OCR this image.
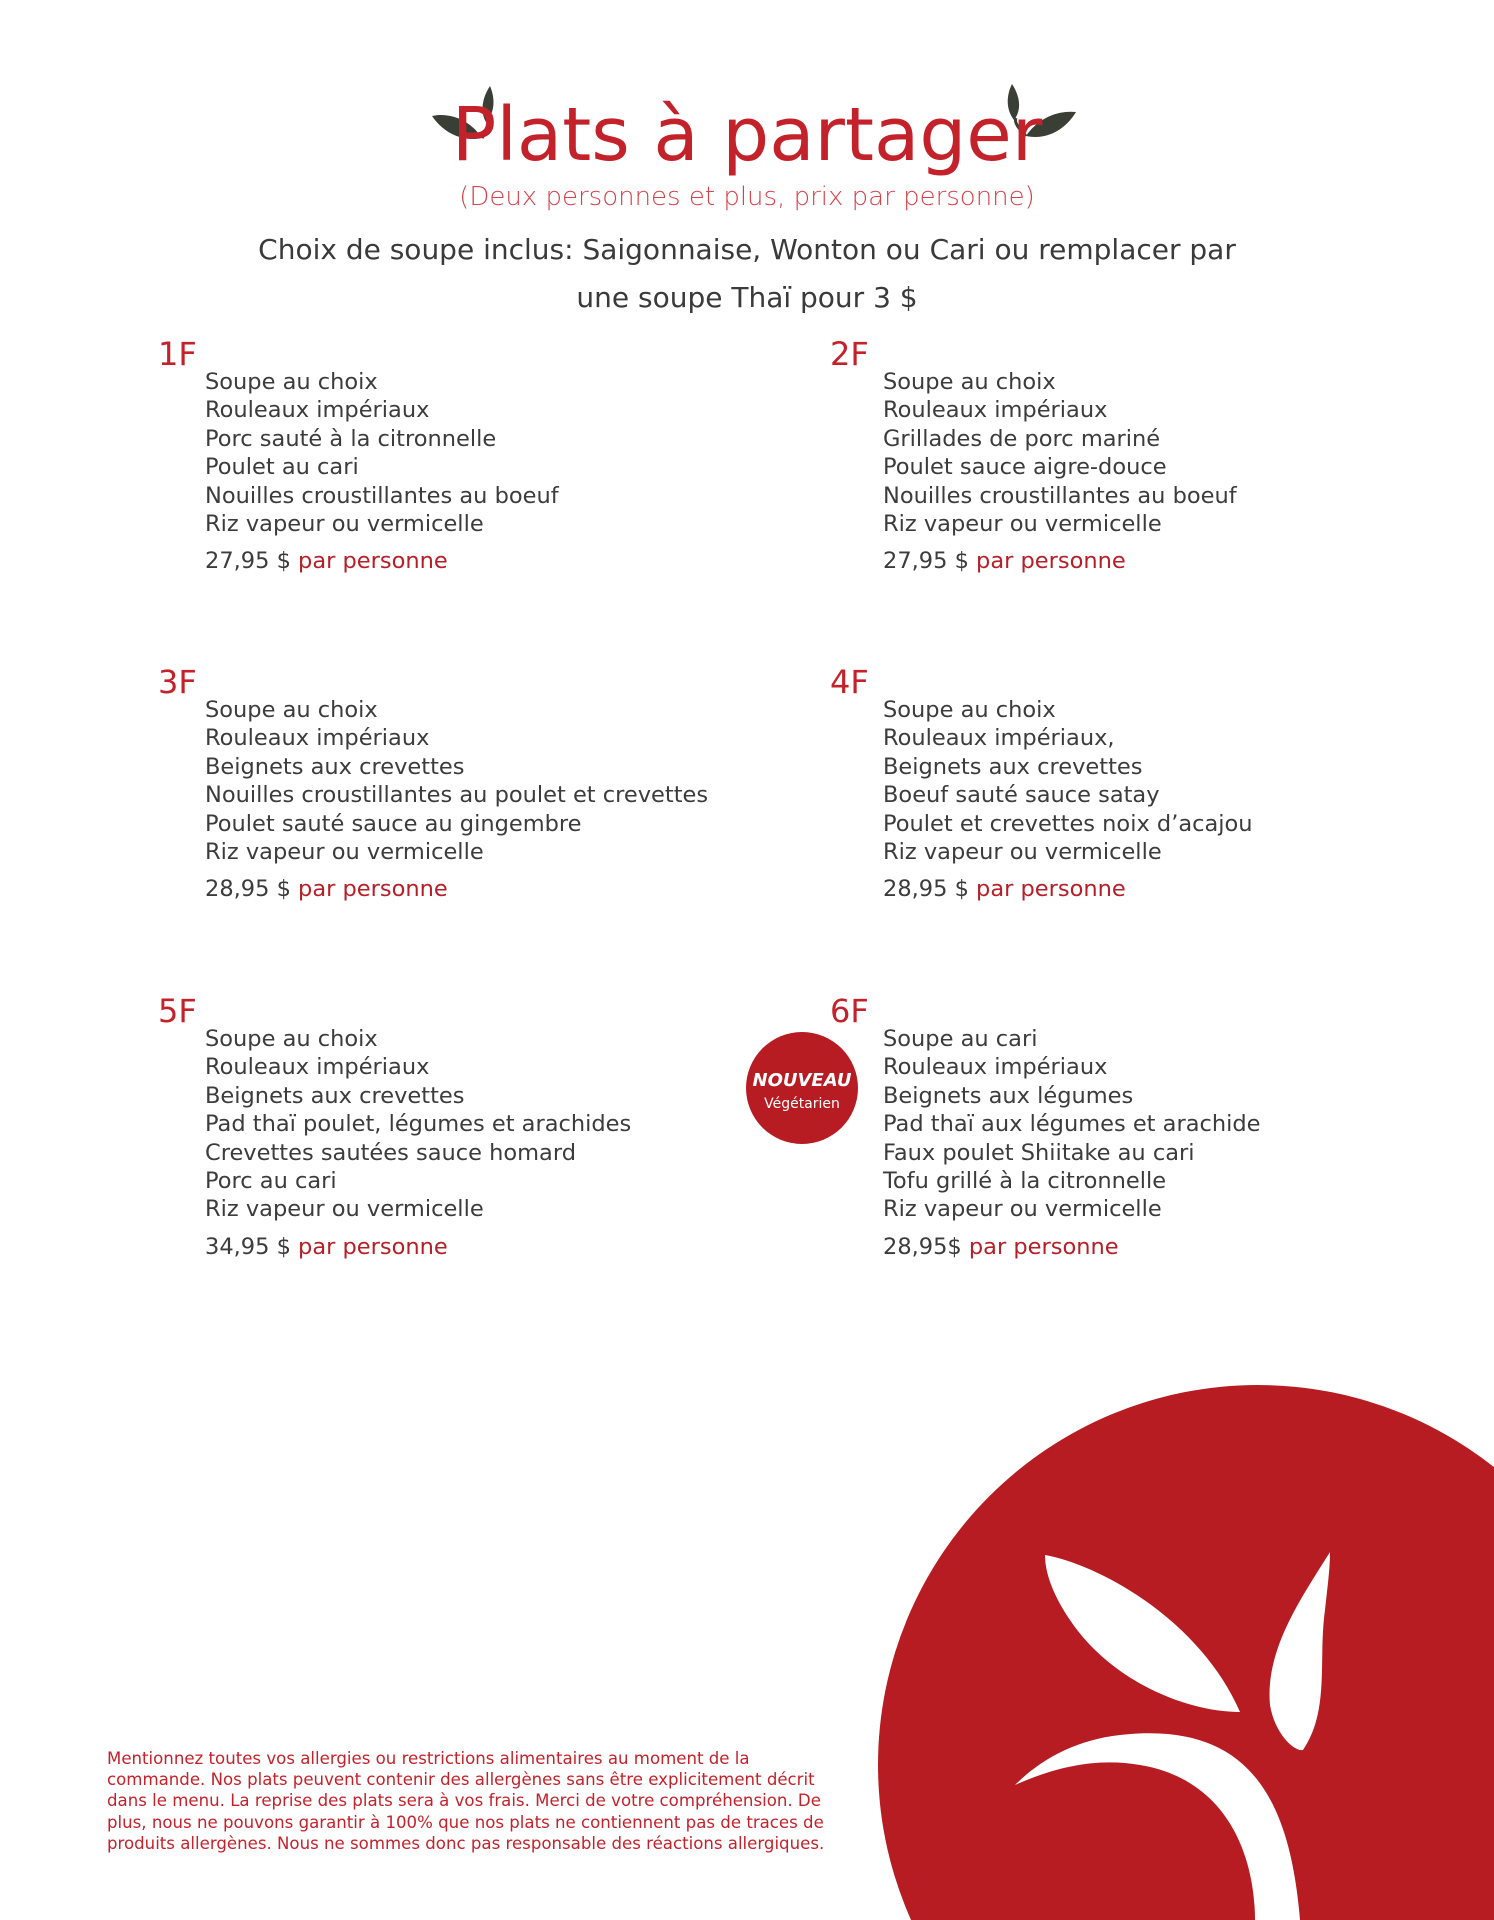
Plats à partager
(Deux personnes et plus, prix par personne)
Choix de soupe inclus: Saigonnaise, Wonton ou Cari ou remplacer par une soupe Thaï pour 3 $
1F
Soupe au choix
Rouleaux impériaux
Porc sauté à la citronnelle
Poulet au cari
Nouilles croustillantes au boeuf
Riz vapeur ou vermicelle
27,95 $ par personne
2F
Soupe au choix
Rouleaux impériaux
Grillades de porc mariné
Poulet sauce aigre-douce
Nouilles croustillantes au boeuf
Riz vapeur ou vermicelle
27,95 $ par personne
3F
Soupe au choix
Rouleaux impériaux
Beignets aux crevettes
Nouilles croustillantes au poulet et crevettes
Poulet sauté sauce au gingembre
Riz vapeur ou vermicelle
28,95 $ par personne
4F
Soupe au choix
Rouleaux impériaux,
Beignets aux crevettes
Boeuf sauté sauce satay
Poulet et crevettes noix d’acajou
Riz vapeur ou vermicelle
28,95 $ par personne
5F
Soupe au choix
Rouleaux impériaux
Beignets aux crevettes
Pad thaï poulet, légumes et arachides
Crevettes sautées sauce homard
Porc au cari
Riz vapeur ou vermicelle
34,95 $ par personne
6F
Soupe au cari
Rouleaux impériaux
Beignets aux légumes
Pad thaï aux légumes et arachide
Faux poulet Shiitake au cari
Tofu grillé à la citronnelle
Riz vapeur ou vermicelle
28,95$ par personne
NOUVEAU
Végétarien
Mentionnez toutes vos allergies ou restrictions alimentaires au moment de la commande. Nos plats peuvent contenir des allergènes sans être explicitement décrit dans le menu. La reprise des plats sera à vos frais. Merci de votre compréhension. De plus, nous ne pouvons garantir à 100% que nos plats ne contiennent pas de traces de produits allergènes. Nous ne sommes donc pas responsable des réactions allergiques.
